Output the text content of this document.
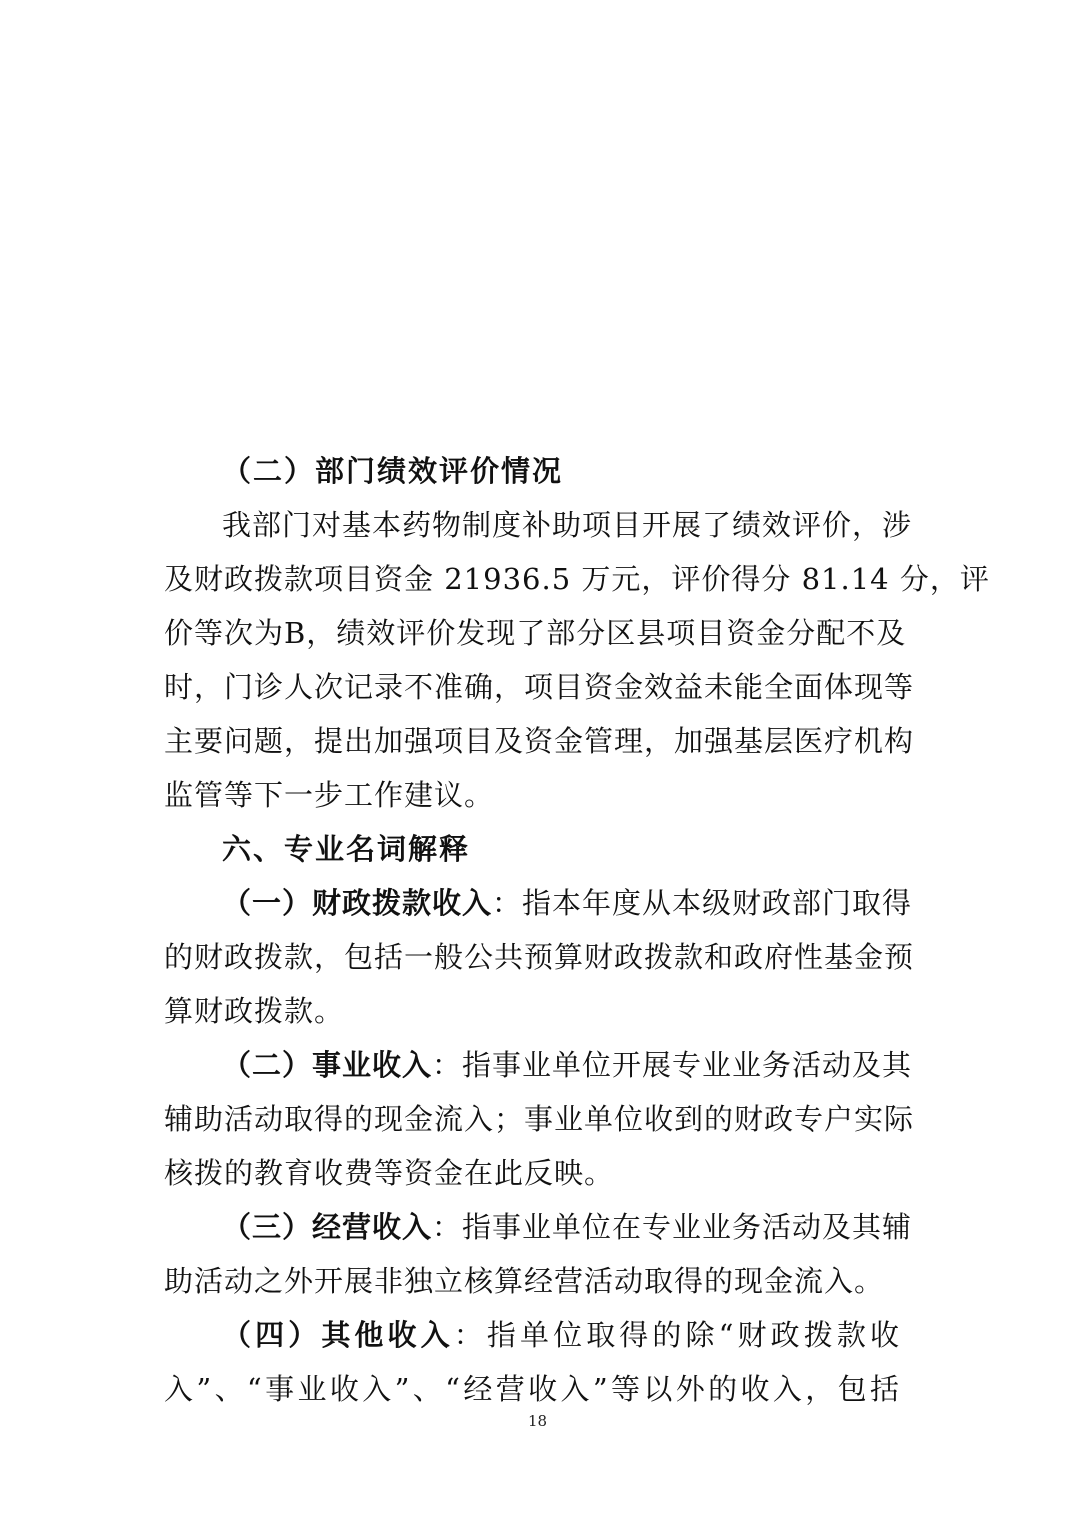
（二）部门绩效评价情况
我部门对基本药物制度补助项目开展了绩效评价，涉
及财政拨款项目资金 21936.5 万元，评价得分 81.14 分，评
价等次为B，绩效评价发现了部分区县项目资金分配不及
时，门诊人次记录不准确，项目资金效益未能全面体现等
主要问题，提出加强项目及资金管理，加强基层医疗机构
监管等下一步工作建议。
六、专业名词解释
（一）财政拨款收入：指本年度从本级财政部门取得
的财政拨款，包括一般公共预算财政拨款和政府性基金预
算财政拨款。
（二）事业收入：指事业单位开展专业业务活动及其
辅助活动取得的现金流入；事业单位收到的财政专户实际
核拨的教育收费等资金在此反映。
（三）经营收入：指事业单位在专业业务活动及其辅
助活动之外开展非独立核算经营活动取得的现金流入。
（四）其他收入：指单位取得的除“财政拨款收
入”、“事业收入”、“经营收入”等以外的收入，包括
18
